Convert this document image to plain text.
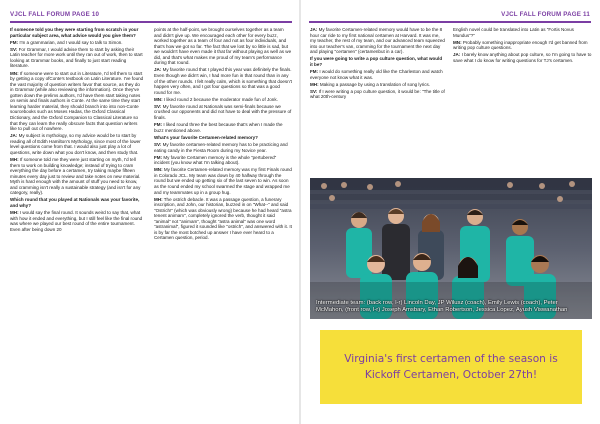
VJCL FALL FORUM PAGE 10

If someone told you they were starting from scratch in your particular subject area, what advice would you give them?

FM: I'm a grammarian, and I would say to talk to Simon.

SV: For Grammar, I would advise them to start by asking their Latin teacher for more work until they ran out of work, then to start looking at Grammar books, and finally to just start reading literature.

MN: If someone were to start out in Literature, I'd tell them to start by getting a copy ofConte's textbook on Latin Literature. I've found the vast majority of question writers favor that source, as they do in Grammar (while also reviewing the information). Once they've gotten down the prelims authors, I'd have them start taking notes on semis and finals authors in Conte. At the same time they start learning harder material, they should branch into into non-Conte sourcebooks such as Moses Hadas, the Oxford Classical Dictionary, and the Oxford Companion to Classical Literature so that they can learn the really obscure facts that question writers like to pull out of nowhere.

JA: My subject is mythology, so my advice would be to start by reading all of Edith Hamilton's Mythology, since most of the lower level questions come from that. I would also just play a lot of questions, write down what you don't know, and then study that.

MH: If someone told me they were just starting on myth, I'd tell them to work on building knowledge; instead of trying to cram everything the day before a certamen, try taking maybe fifteen minutes every day just to review and take notes on new material. Myth is hard enough with the amount of stuff you need to know, and cramming isn't really a sustainable strategy (and isn't for any category, really).

Which round that you played at Nationals was your favorite, and why?

MH: I would say the final round. It sounds weird to say that, what with how it ended and everything, but I still feel like the final round was where we played our best round of the entire tournament. Even after being down 20

points at the half-point, we brought ourselves together as a team and didn't give up. We encouraged each other for every buzz, worked together as a team of four and not as four individuals, and that's how we got so far. The fact that we lost by so little is sad, but we wouldn't have even made it that far without playing as well as we did, and that's what makes me proud of my team's performance during that round.

JA: My favorite round that I played this year was definitely the finals. Even though we didn't win, I had more fun in that round than in any of the other rounds. I felt really calm, which is something that doesn't happen very often, and I got four questions so that was a good round for me.

MN: I liked round 2 because the moderator made fun of Jonk.

SV: My favorite round at Nationals was semi-finals because we crushed our opponents and did not have to deal with the pressure of finals.

FM: I liked round three the best because that's when I made the buzz mentioned above.

What's your favorite Certamen-related memory?

SV: My favorite certamen-related memory has to be practicing and eating candy in the Fiesta Room during my Novice year.

FM: My favorite Certamen memory is the whole "pertubered" incident (you know what I'm talking about).

MN: My favorite Certamen-related memory was my first Finals round in Colorado JCL. My team was down by 40 halfway through the round but we ended up getting six of the last seven to win. As soon as the round ended my school swarmed the stage and wrapped me and my teammates up in a group hug.

MH: The ostrich debacle. It was a passage question, a funerary inscription, and John, our historian, buzzed in on "What--" and said "Ostrich!" (which was obviously wrong) because he had heard "astra tenent animam", completely ignored the verb, thought it said "animal" not "animam", thought "astra animal" was one word "astranimal", figured it sounded like "ostrich", and answered with it. It is by far the most botched up answer I have ever heard to a Certamen question, period.

VJCL FALL FORUM PAGE 11

JA: My favorite Certamen-related memory would have to be the 8 hour car ride to my first national certamen at Harvard. It was me, my teacher, the rest of my team, and our advanced team squeezed into our teacher's van, cramming for the tournament the next day and playing "certamen" (certamenbut in a car).

If you were going to write a pop culture question, what would it be?

FM: I would do something really old like the Charleston and watch everyone not know what it was.

MH: Making a passage by using a translation of song lyrics.

SV: If I were writing a pop culture question, it would be: "The title of what 20th-century

English novel could be translated into Latin as "Fortis Novus Mundus"?"

MN: Probably something inappropriate enough I'd get banned from writing pop culture questions.

JA: I barely know anything about pop culture, so I'm going to have to save what I do know for writing questions for TJ's certamen.

Intermediate team: (back row, l-r) Lincoln Day, JP Wilusz (coach), Emily Lewis (coach), Peter McMahon, (front row, l-r) Joseph Amsbary, Ethan Robertson, Jessica Lopez, Ayush Viswanathan
Virginia's first certamen of the season is Kickoff Certamen, October 27th!
